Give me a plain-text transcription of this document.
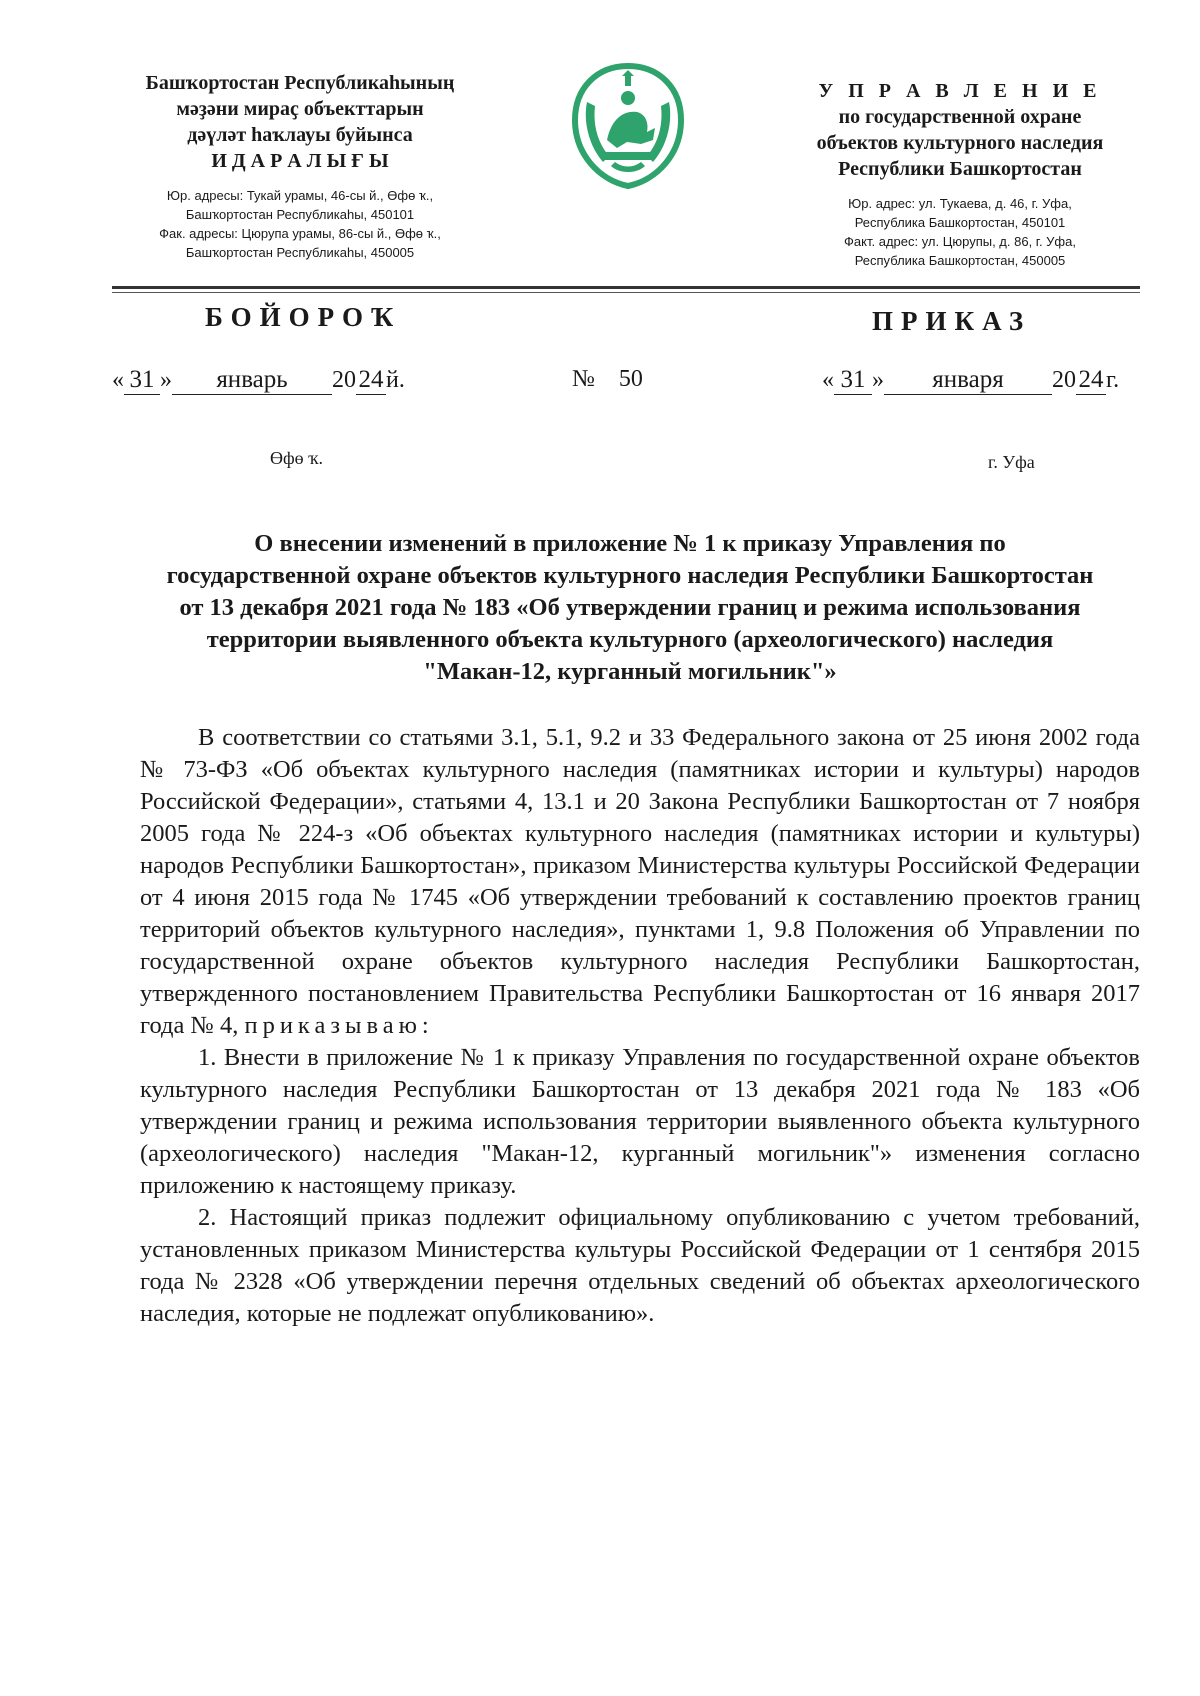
Башҡортостан Республикаһының

мәҙәни мираҫ объекттарын

дәүләт һаҡлауы буйынса

И Д А Р А Л Ы Ғ Ы

Юр. адресы: Тукай урамы, 46-сы й., Өфө ҡ.,
Башҡортостан Республикаһы, 450101
Фак. адресы: Цюрупа урамы, 86-сы й., Өфө ҡ.,
Башҡортостан Республикаһы, 450005

У П Р А В Л Е Н И Е

по государственной охране

объектов культурного наследия

Республики Башкортостан

Юр. адрес: ул. Тукаева, д. 46, г. Уфа,
Республика Башкортостан, 450101
Факт. адрес: ул. Цюрупы, д. 86, г. Уфа,
Республика Башкортостан, 450005
БОЙОРОҠ	ПРИКАЗ
« 31 » январь 20 24 й.	№ 50	« 31 » января 20 24 г.
Өфө ҡ.	г. Уфа
О внесении изменений в приложение № 1 к приказу Управления по государственной охране объектов культурного наследия Республики Башкортостан от 13 декабря 2021 года № 183 «Об утверждении границ и режима использования территории выявленного объекта культурного (археологического) наследия "Макан-12, курганный могильник"»

В соответствии со статьями 3.1, 5.1, 9.2 и 33 Федерального закона от 25 июня 2002 года № 73-ФЗ «Об объектах культурного наследия (памятниках истории и культуры) народов Российской Федерации», статьями 4, 13.1 и 20 Закона Республики Башкортостан от 7 ноября 2005 года № 224-з «Об объектах культурного наследия (памятниках истории и культуры) народов Республики Башкортостан», приказом Министерства культуры Российской Федерации от 4 июня 2015 года № 1745 «Об утверждении требований к составлению проектов границ территорий объектов культурного наследия», пунктами 1, 9.8 Положения об Управлении по государственной охране объектов культурного наследия Республики Башкортостан, утвержденного постановлением Правительства Республики Башкортостан от 16 января 2017 года № 4, приказываю:

1. Внести в приложение № 1 к приказу Управления по государственной охране объектов культурного наследия Республики Башкортостан от 13 декабря 2021 года № 183 «Об утверждении границ и режима использования территории выявленного объекта культурного (археологического) наследия "Макан-12, курганный могильник"» изменения согласно приложению к настоящему приказу.

2. Настоящий приказ подлежит официальному опубликованию с учетом требований, установленных приказом Министерства культуры Российской Федерации от 1 сентября 2015 года № 2328 «Об утверждении перечня отдельных сведений об объектах археологического наследия, которые не подлежат опубликованию».
